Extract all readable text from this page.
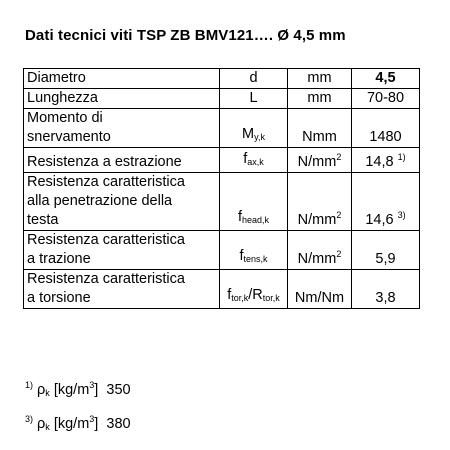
Dati tecnici viti TSP ZB BMV121…. Ø 4,5 mm
Diametro	d	mm	4,5
Lunghezza	L	mm	70-80
Momento di
snervamento	$M_{y,k}$	Nmm	1480
Resistenza a estrazione	$f_{ax,k}$	$N/mm^2$	14,8 $^{1)}$
Resistenza caratteristica
alla penetrazione della
testa	$f_{head,k}$	$N/mm^2$	14,6 $^{3)}$
Resistenza caratteristica
a trazione	$f_{tens,k}$	$N/mm^2$	5,9
Resistenza caratteristica
a torsione	$f_{tor,k}/R_{tor,k}$	Nm/Nm	3,8
$^{1)}$ $\rho_k$ $[kg/m^3]$ 350
$^{3)}$ $\rho_k$ $[kg/m^3]$ 380
